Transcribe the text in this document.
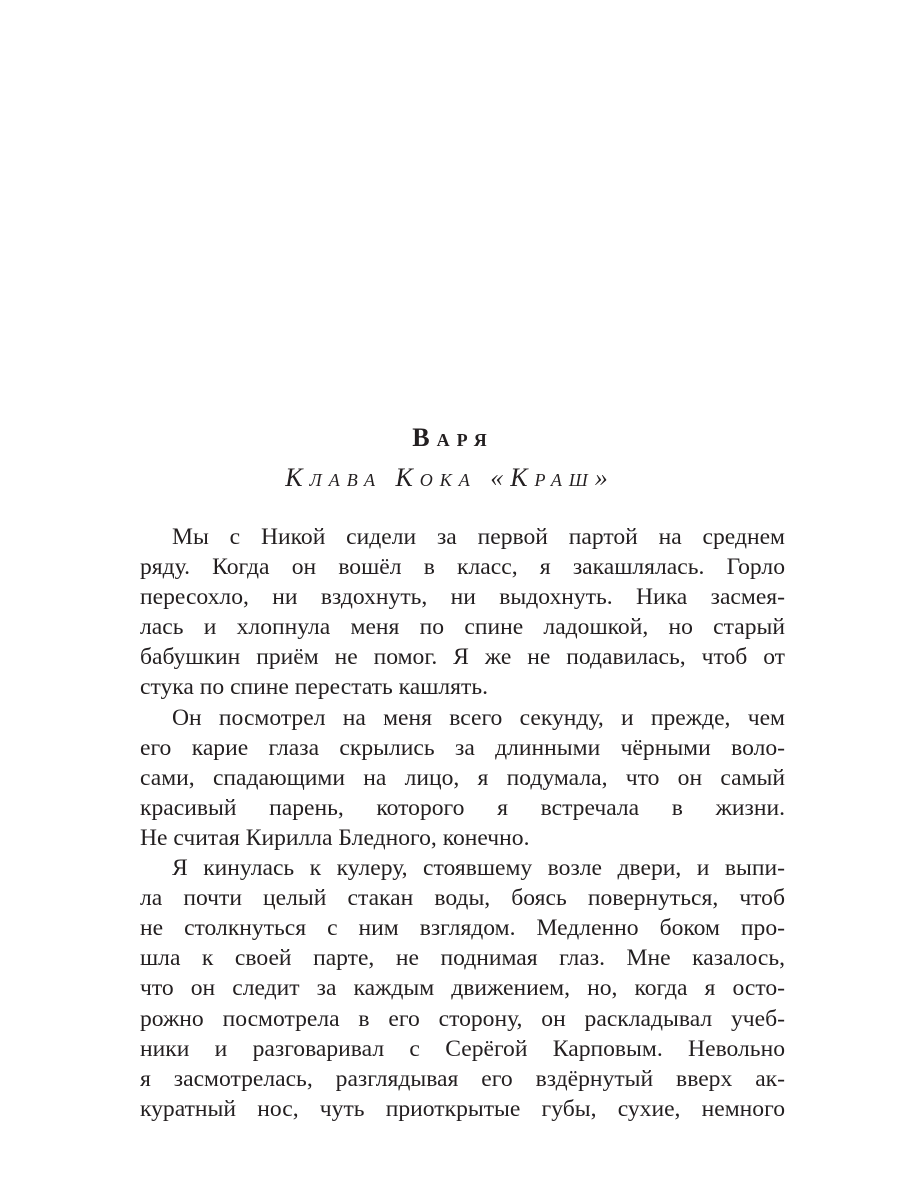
Варя
Клава Кока «Краш»
Мы с Никой сидели за первой партой на среднем
ряду. Когда он вошёл в класс, я закашлялась. Горло
пересохло, ни вздохнуть, ни выдохнуть. Ника засмея-
лась и хлопнула меня по спине ладошкой, но старый
бабушкин приём не помог. Я же не подавилась, чтоб от
стука по спине перестать кашлять.
Он посмотрел на меня всего секунду, и прежде, чем
его карие глаза скрылись за длинными чёрными воло-
сами, спадающими на лицо, я подумала, что он самый
красивый парень, которого я встречала в жизни.
Не считая Кирилла Бледного, конечно.
Я кинулась к кулеру, стоявшему возле двери, и выпи-
ла почти целый стакан воды, боясь повернуться, чтоб
не столкнуться с ним взглядом. Медленно боком про-
шла к своей парте, не поднимая глаз. Мне казалось,
что он следит за каждым движением, но, когда я осто-
рожно посмотрела в его сторону, он раскладывал учеб-
ники и разговаривал с Серёгой Карповым. Невольно
я засмотрелась, разглядывая его вздёрнутый вверх ак-
куратный нос, чуть приоткрытые губы, сухие, немного
